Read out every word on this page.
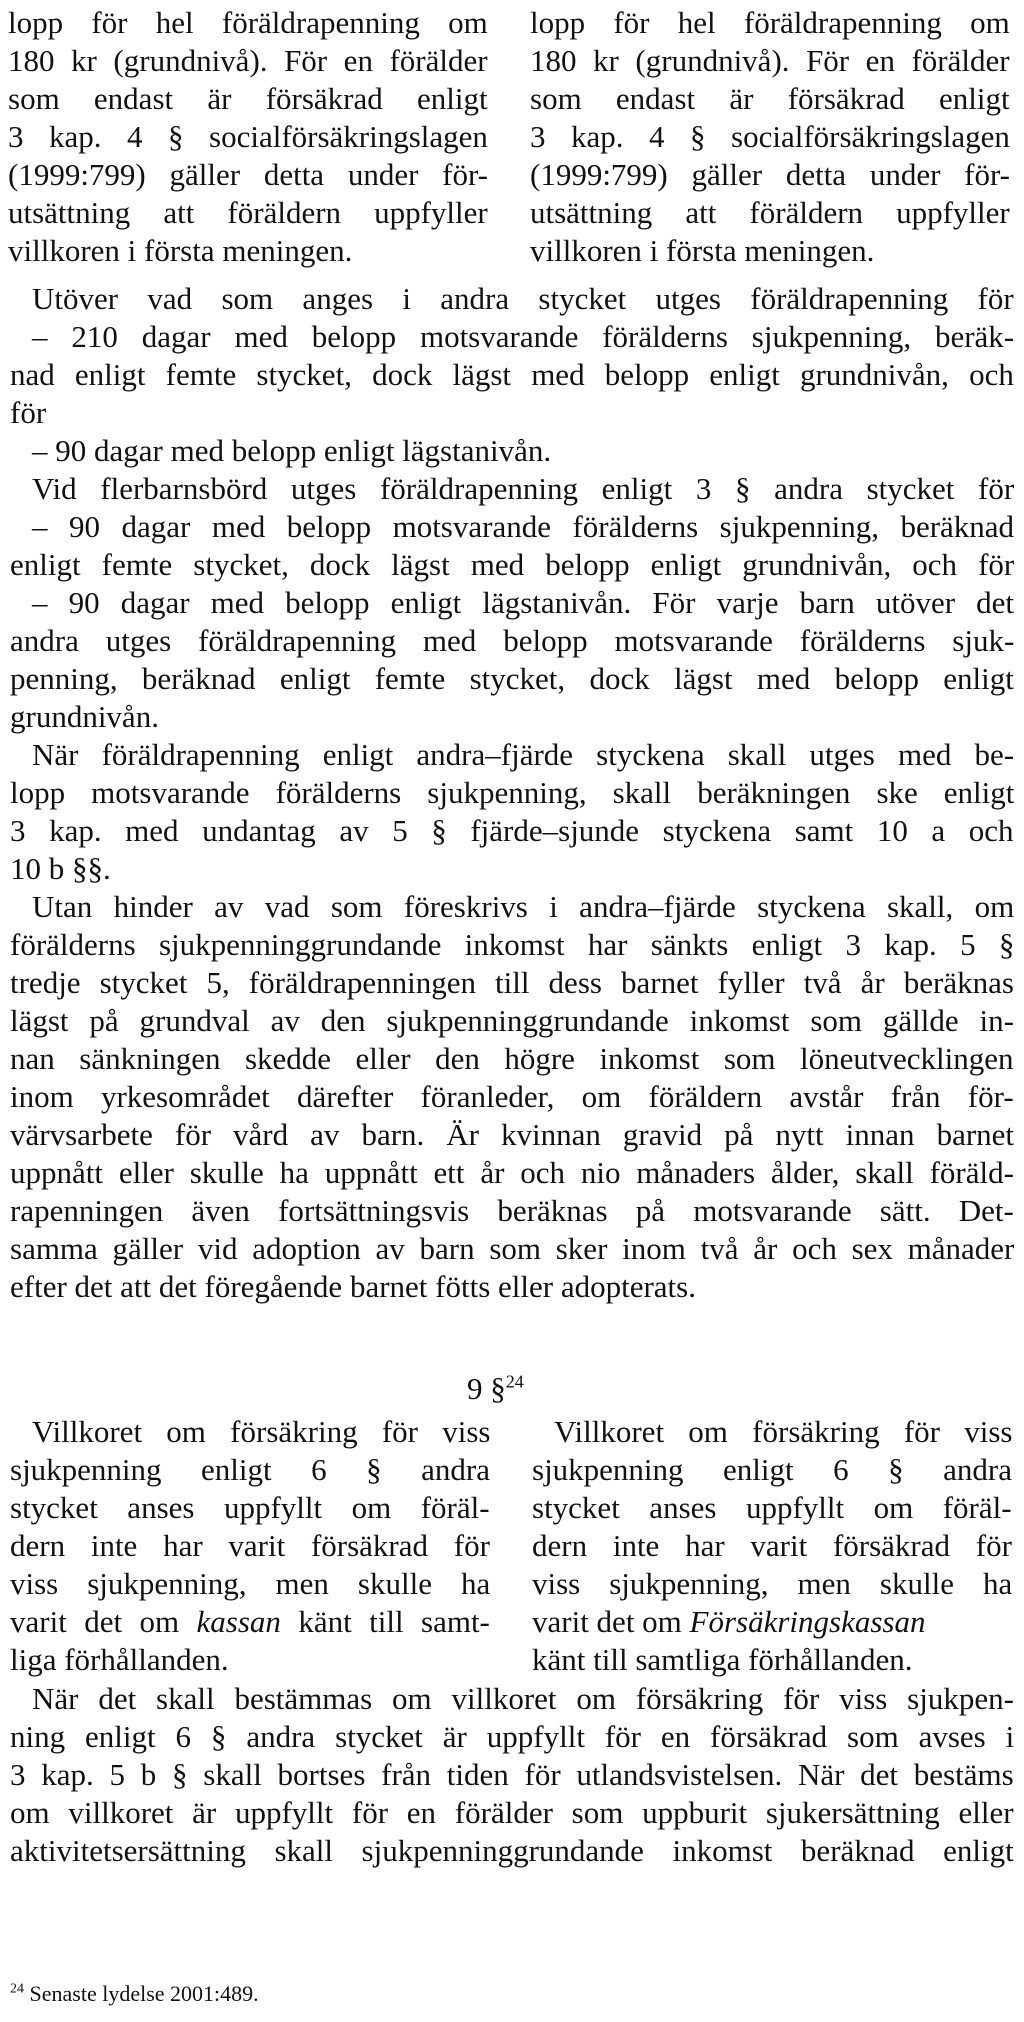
lopp för hel föräldrapenning om
180 kr (grundnivå). För en förälder
som endast är försäkrad enligt
3 kap. 4 § socialförsäkringslagen
(1999:799) gäller detta under för-
utsättning att föräldern uppfyller
villkoren i första meningen.
lopp för hel föräldrapenning om
180 kr (grundnivå). För en förälder
som endast är försäkrad enligt
3 kap. 4 § socialförsäkringslagen
(1999:799) gäller detta under för-
utsättning att föräldern uppfyller
villkoren i första meningen.
Utöver vad som anges i andra stycket utges föräldrapenning för
– 210 dagar med belopp motsvarande förälderns sjukpenning, beräk-
nad enligt femte stycket, dock lägst med belopp enligt grundnivån, och
för
– 90 dagar med belopp enligt lägstanivån.
Vid flerbarnsbörd utges föräldrapenning enligt 3 § andra stycket för
– 90 dagar med belopp motsvarande förälderns sjukpenning, beräknad
enligt femte stycket, dock lägst med belopp enligt grundnivån, och för
– 90 dagar med belopp enligt lägstanivån. För varje barn utöver det
andra utges föräldrapenning med belopp motsvarande förälderns sjuk-
penning, beräknad enligt femte stycket, dock lägst med belopp enligt
grundnivån.
När föräldrapenning enligt andra–fjärde styckena skall utges med be-
lopp motsvarande förälderns sjukpenning, skall beräkningen ske enligt
3 kap. med undantag av 5 § fjärde–sjunde styckena samt 10 a och
10 b §§.
Utan hinder av vad som föreskrivs i andra–fjärde styckena skall, om
förälderns sjukpenninggrundande inkomst har sänkts enligt 3 kap. 5 §
tredje stycket 5, föräldrapenningen till dess barnet fyller två år beräknas
lägst på grundval av den sjukpenninggrundande inkomst som gällde in-
nan sänkningen skedde eller den högre inkomst som löneutvecklingen
inom yrkesområdet därefter föranleder, om föräldern avstår från för-
värvsarbete för vård av barn. Är kvinnan gravid på nytt innan barnet
uppnått eller skulle ha uppnått ett år och nio månaders ålder, skall föräld-
rapenningen även fortsättningsvis beräknas på motsvarande sätt. Det-
samma gäller vid adoption av barn som sker inom två år och sex månader
efter det att det föregående barnet fötts eller adopterats.
9 §$^{24}$
Villkoret om försäkring för viss
sjukpenning enligt 6 § andra
stycket anses uppfyllt om föräl-
dern inte har varit försäkrad för
viss sjukpenning, men skulle ha
varit det om kassan känt till samt-
liga förhållanden.
Villkoret om försäkring för viss
sjukpenning enligt 6 § andra
stycket anses uppfyllt om föräl-
dern inte har varit försäkrad för
viss sjukpenning, men skulle ha
varit det om Försäkringskassan
känt till samtliga förhållanden.
När det skall bestämmas om villkoret om försäkring för viss sjukpen-
ning enligt 6 § andra stycket är uppfyllt för en försäkrad som avses i
3 kap. 5 b § skall bortses från tiden för utlandsvistelsen. När det bestäms
om villkoret är uppfyllt för en förälder som uppburit sjukersättning eller
aktivitetsersättning skall sjukpenninggrundande inkomst beräknad enligt
$^{24}$ Senaste lydelse 2001:489.
